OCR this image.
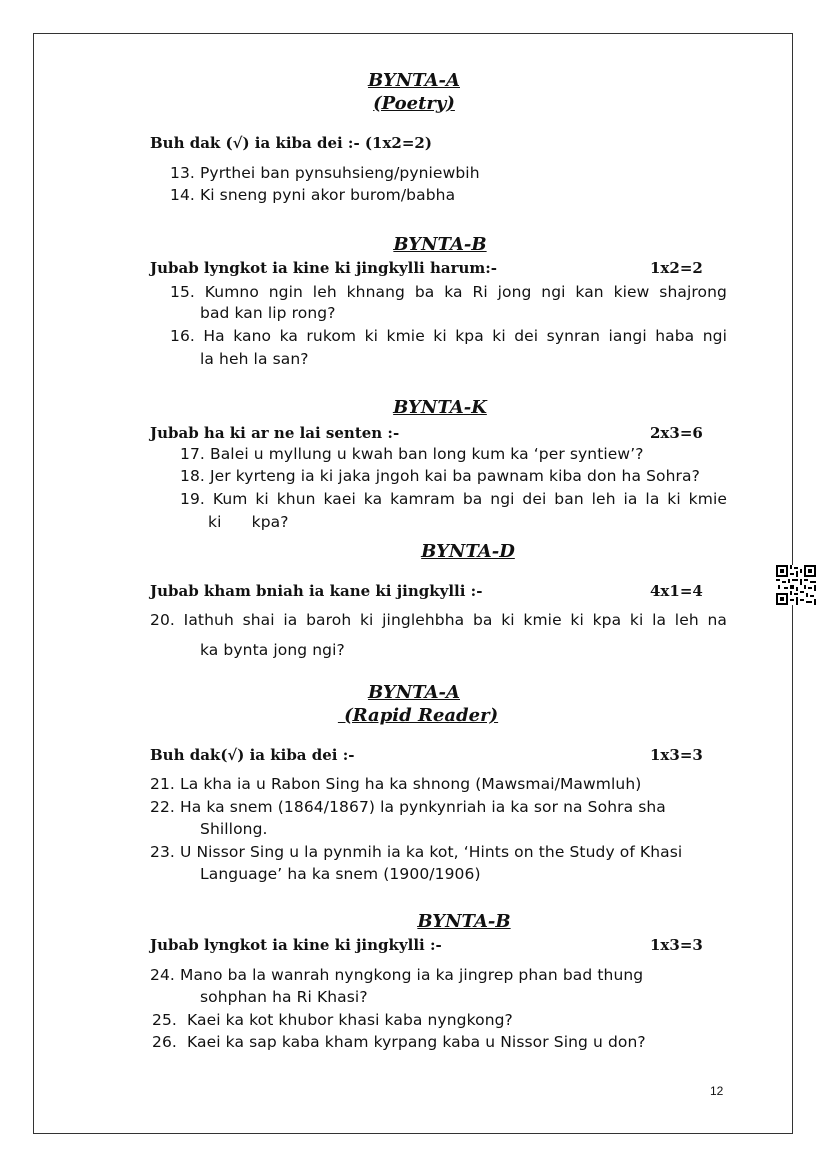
BYNTA-A
(Poetry)
Buh dak (√) ia kiba dei :- (1x2=2)
13. Pyrthei ban pynsuhsieng/pyniewbih
14. Ki sneng pyni akor burom/babha
BYNTA-B
Jubab lyngkot ia kine ki jingkylli harum:-	1x2=2
15. Kumno ngin leh khnang ba ka Ri jong ngi kan kiew shajrong
bad kan lip rong?
16. Ha kano ka rukom ki kmie ki kpa ki dei synran iangi haba ngi
la heh la san?
BYNTA-K
Jubab ha ki ar ne lai senten :-	2x3=6
17. Balei u myllung u kwah ban long kum ka ‘per syntiew’?
18. Jer kyrteng ia ki jaka jngoh kai ba pawnam kiba don ha Sohra?
19. Kum ki khun kaei ka kamram ba ngi dei ban leh ia la ki kmie
ki      kpa?
BYNTA-D
Jubab kham bniah ia kane ki jingkylli :-	4x1=4
20. Iathuh shai ia baroh ki jinglehbha ba ki kmie ki kpa ki la leh na
ka bynta jong ngi?
BYNTA-A
(Rapid Reader)
Buh dak(√) ia kiba dei :-	1x3=3
21. La kha ia u Rabon Sing ha ka shnong (Mawsmai/Mawmluh)
22. Ha ka snem (1864/1867) la pynkynriah ia ka sor na Sohra sha
Shillong.
23. U Nissor Sing u la pynmih ia ka kot, ‘Hints on the Study of Khasi
Language’ ha ka snem (1900/1906)
BYNTA-B
Jubab lyngkot ia kine ki jingkylli :-	1x3=3
24. Mano ba la wanrah nyngkong ia ka jingrep phan bad thung
sohphan ha Ri Khasi?
25.  Kaei ka kot khubor khasi kaba nyngkong?
26.  Kaei ka sap kaba kham kyrpang kaba u Nissor Sing u don?
12
